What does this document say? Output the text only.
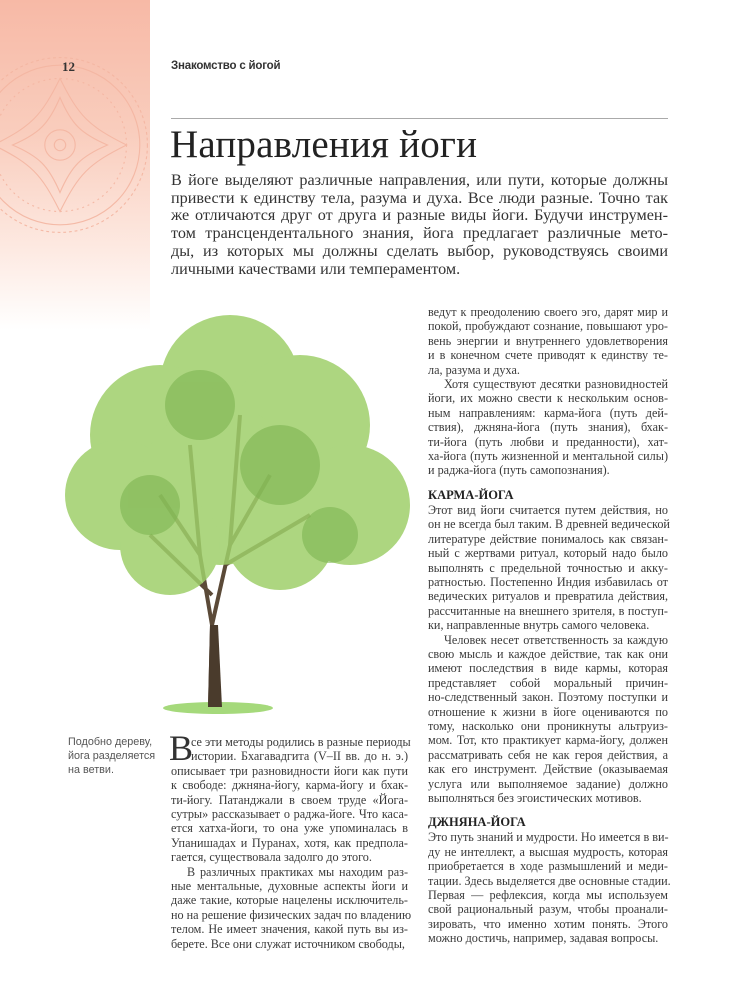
12	Знакомство с йогой
Направления йоги
В йоге выделяют различные направления, или пути, которые должны
привести к единству тела, разума и духа. Все люди разные. Точно так
же отличаются друг от друга и разные виды йоги. Будучи инструмен-
том трансцендентального знания, йога предлагает различные мето-
ды, из которых мы должны сделать выбор, руководствуясь своими
личными качествами или темпераментом.
Подобно дереву,
йога разделяется
на ветви.
В
се эти методы родились в разные периоды
истории. Бхагавадгита (V–II вв. до н. э.)
описывает три разновидности йоги как пути
к свободе: джняна-йогу, карма-йогу и бхак-
ти-йогу. Патанджали в своем труде «Йога-
сутры» рассказывает о раджа-йоге. Что каса-
ется хатха-йоги, то она уже упоминалась в
Упанишадах и Пуранах, хотя, как предпола-
гается, существовала задолго до этого.
В различных практиках мы находим раз-
ные ментальные, духовные аспекты йоги и
даже такие, которые нацелены исключитель-
но на решение физических задач по владению
телом. Не имеет значения, какой путь вы из-
берете. Все они служат источником свободы,
ведут к преодолению своего эго, дарят мир и
покой, пробуждают сознание, повышают уро-
вень энергии и внутреннего удовлетворения
и в конечном счете приводят к единству те-
ла, разума и духа.
Хотя существуют десятки разновидностей
йоги, их можно свести к нескольким основ-
ным направлениям: карма-йога (путь дей-
ствия), джняна-йога (путь знания), бхак-
ти-йога (путь любви и преданности), хат-
ха-йога (путь жизненной и ментальной силы)
и раджа-йога (путь самопознания).
КАРМА-ЙОГА
Этот вид йоги считается путем действия, но
он не всегда был таким. В древней ведической
литературе действие понималось как связан-
ный с жертвами ритуал, который надо было
выполнять с предельной точностью и акку-
ратностью. Постепенно Индия избавилась от
ведических ритуалов и превратила действия,
рассчитанные на внешнего зрителя, в поступ-
ки, направленные внутрь самого человека.
Человек несет ответственность за каждую
свою мысль и каждое действие, так как они
имеют последствия в виде кармы, которая
представляет собой моральный причин-
но-следственный закон. Поэтому поступки и
отношение к жизни в йоге оцениваются по
тому, насколько они проникнуты альтруиз-
мом. Тот, кто практикует карма-йогу, должен
рассматривать себя не как героя действия, а
как его инструмент. Действие (оказываемая
услуга или выполняемое задание) должно
выполняться без эгоистических мотивов.
ДЖНЯНА-ЙОГА
Это путь знаний и мудрости. Но имеется в ви-
ду не интеллект, а высшая мудрость, которая
приобретается в ходе размышлений и меди-
тации. Здесь выделяется две основные стадии.
Первая — рефлексия, когда мы используем
свой рациональный разум, чтобы проанали-
зировать, что именно хотим понять. Этого
можно достичь, например, задавая вопросы.
